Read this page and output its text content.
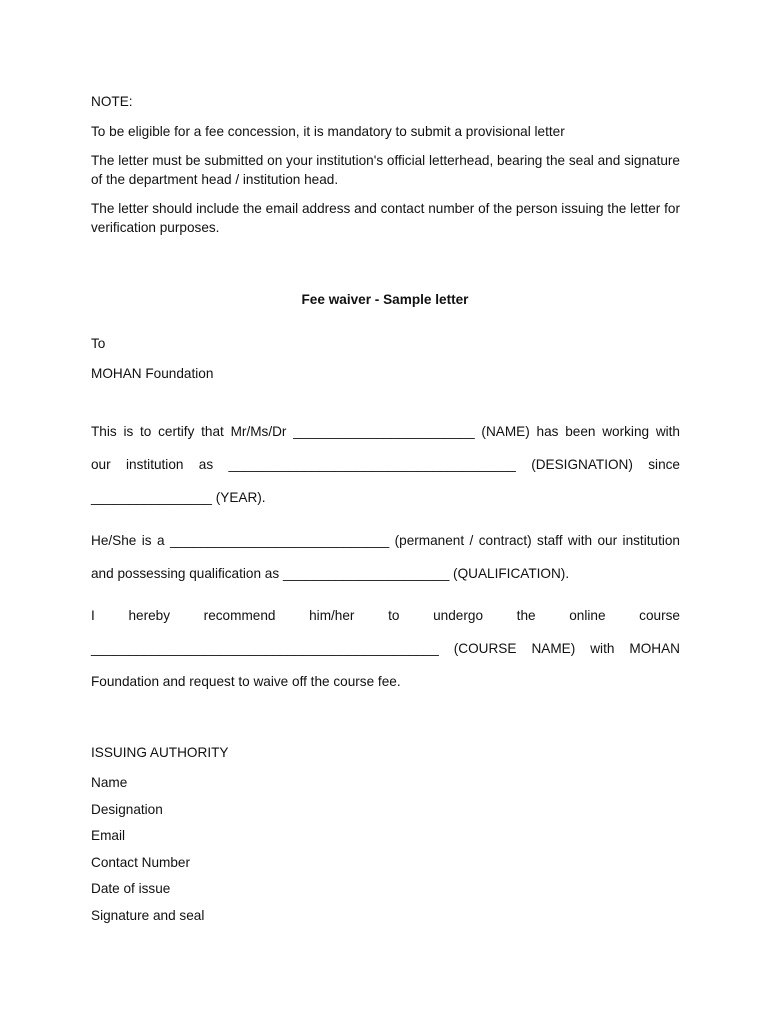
NOTE:

To be eligible for a fee concession, it is mandatory to submit a provisional letter

The letter must be submitted on your institution's official letterhead, bearing the seal and signature of the department head / institution head.

The letter should include the email address and contact number of the person issuing the letter for verification purposes.

Fee waiver - Sample letter

To

MOHAN Foundation

This is to certify that Mr/Ms/Dr ________________________ (NAME) has been working with

our institution as ______________________________________ (DESIGNATION) since

________________ (YEAR).

He/She is a _____________________________ (permanent / contract) staff with our institution

and possessing qualification as ______________________ (QUALIFICATION).

I hereby recommend him/her to undergo the online course

______________________________________________ (COURSE NAME) with MOHAN

Foundation and request to waive off the course fee.

ISSUING AUTHORITY

Name

Designation

Email

Contact Number

Date of issue

Signature and seal
